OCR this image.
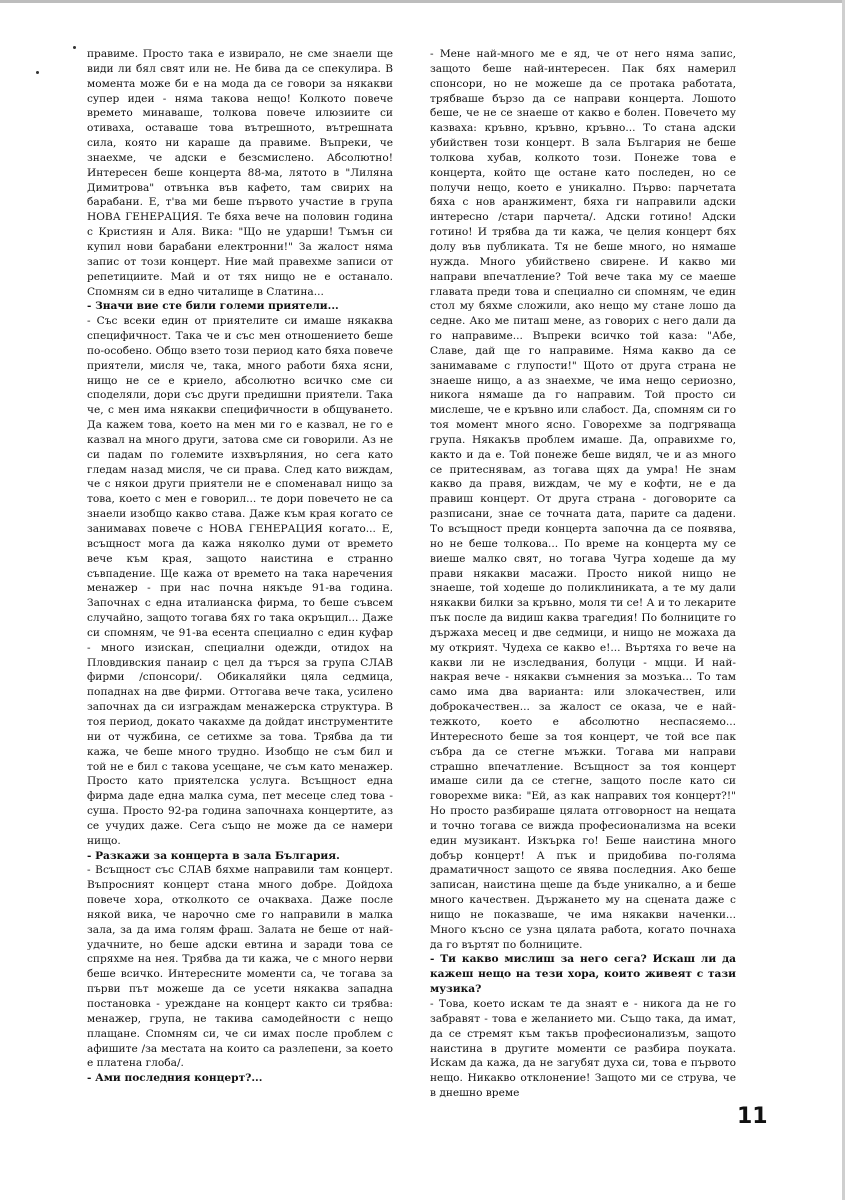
правиме. Просто така е извирало, не сме знаели ще види ли бял свят или не. Не бива да се спекулира. В момента може би е на мода да се говори за някакви супер идеи - няма такова нещо! Колкото повече времето минаваше, толкова повече илюзиите си отиваха, оставаше това вътрешното, вътрешната сила, която ни караше да правиме. Въпреки, че знаехме, че адски е безсмислено. Абсолютно! Интересен беше концерта 88-ма, лятото в "Лиляна Димитрова" отвънка във кафето, там свирих на барабани. Е, т'ва ми беше първото участие в група НОВА ГЕНЕРАЦИЯ. Те бяха вече на половин година с Кристиян и Аля. Вика: "Що не ударши! Тъмън си купил нови барабани електронни!" За жалост няма запис от този концерт. Ние май правехме записи от репетициите. Май и от тях нищо не е останало. Спомням си в едно читалище в Слатина...

- Значи вие сте били големи приятели...

- Със всеки един от приятелите си имаше някаква специфичност. Така че и със мен отношението беше по-особено. Общо взето този период като бяха повече приятели, мисля че, така, много работи бяха ясни, нищо не се е криело, абсолютно всичко сме си споделяли, дори със други предишни приятели. Така че, с мен има някакви специфичности в общуването. Да кажем това, което на мен ми го е казвал, не го е казвал на много други, затова сме си говорили. Аз не си падам по големите изхвърляния, но сега като гледам назад мисля, че си права. След като виждам, че с някои други приятели не е споменавал нищо за това, което с мен е говорил... те дори повечето не са знаели изобщо какво става. Даже към края когато се занимавах повече с НОВА ГЕНЕРАЦИЯ когато... Е, всъщност мога да кажа няколко думи от времето вече към края, защото наистина е странно съвпадение. Ще кажа от времето на така наречения менажер - при нас почна някъде 91-ва година. Започнах с една италианска фирма, то беше съвсем случайно, защото тогава бях го така окръщил... Даже си спомням, че 91-ва есента специално с един куфар - много изискан, специални одежди, отидох на Пловдивския панаир с цел да търся за група СЛАВ фирми /спонсори/. Обикаляйки цяла седмица, попаднах на две фирми. Оттогава вече така, усилено започнах да си изграждам менажерска структура. В тоя период, докато чакахме да дойдат инструментите ни от чужбина, се сетихме за това. Трябва да ти кажа, че беше много трудно. Изобщо не съм бил и той не е бил с такова усещане, че съм като менажер. Просто като приятелска услуга. Всъщност една фирма даде една малка сума, пет месеце след това - суша. Просто 92-ра година започнаха концертите, аз се учудих даже. Сега също не може да се намери нищо.

- Разкажи за концерта в зала България.

- Всъщност със СЛАВ бяхме направили там концерт. Въпросният концерт стана много добре. Дойдоха повече хора, отколкото се очакваха. Даже после някой вика, че нарочно сме го направили в малка зала, за да има голям фраш. Залата не беше от най-удачните, но беше адски евтина и заради това се спряхме на нея. Трябва да ти кажа, че с много нерви беше всичко. Интересните моменти са, че тогава за първи път можеше да се усети някаква западна постановка - уреждане на концерт както си трябва: менажер, група, не такива самодейности с нещо плащане. Спомням си, че си имах после проблем с афишите /за местата на които са разлепени, за което е платена глоба/.

- Ами последния концерт?...

- Мене най-много ме е яд, че от него няма запис, защото беше най-интересен. Пак бях намерил спонсори, но не можеше да се протака работата, трябваше бързо да се направи концерта. Лошото беше, че не се знаеше от какво е болен. Повечето му казваха: кръвно, кръвно, кръвно... То стана адски убийствен този концерт. В зала България не беше толкова хубав, колкото този. Понеже това е концерта, който ще остане като последен, но се получи нещо, което е уникално. Първо: парчетата бяха с нов аранжимент, бяха ги направили адски интересно /стари парчета/. Адски готино! Адски готино! И трябва да ти кажа, че целия концерт бях долу във публиката. Тя не беше много, но нямаше нужда. Много убийствено свирене. И какво ми направи впечатление? Той вече така му се маеше главата преди това и специално си спомням, че един стол му бяхме сложили, ако нещо му стане лошо да седне. Ако ме питаш мене, аз говорих с него дали да го направиме... Въпреки всичко той каза: "Абе, Славе, дай ще го направиме. Няма какво да се занимаваме с глупости!" Щото от друга страна не знаеше нищо, а аз знаехме, че има нещо сериозно, никога нямаше да го направим. Той просто си мислеше, че е кръвно или слабост. Да, спомням си го тоя момент много ясно. Говорехме за подгряваща група. Някакъв проблем имаше. Да, оправихме го, както и да е. Той понеже беше видял, че и аз много се притеснявам, аз тогава щях да умра! Не знам какво да правя, виждам, че му е кофти, не е да правиш концерт. От друга страна - договорите са разписани, знае се точната дата, парите са дадени. То всъщност преди концерта започна да се появява, но не беше толкова... По време на концерта му се виеше малко свят, но тогава Чугра ходеше да му прави някакви масажи. Просто никой нищо не знаеше, той ходеше до поликлиниката, а те му дали някакви билки за кръвно, моля ти се! А и то лекарите пък после да видиш каква трагедия! По болниците го държаха месец и две седмици, и нищо не можаха да му открият. Чудеха се какво е!... Въртяха го вече на какви ли не изследвания, болуци - мцци. И най-накрая вече - някакви съмнения за мозъка... То там само има два варианта: или злокачествен, или доброкачествен... за жалост се оказа, че е най-тежкото, което е абсолютно неспасяемо... Интересното беше за тоя концерт, че той все пак събра да се стегне мъжки. Тогава ми направи страшно впечатление. Всъщност за тоя концерт имаше сили да се стегне, защото после като си говорехме вика: "Ей, аз как направих тоя концерт?!" Но просто разбираше цялата отговорност на нещата и точно тогава се вижда професионализма на всеки един музикант. Изкърка го! Беше наистина много добър концерт! А пък и придобива по-голяма драматичност защото се явява последния. Ако беше записан, наистина щеше да бъде уникално, а и беше много качествен. Държането му на сцената даже с нищо не показваше, че има някакви наченки... Много късно се узна цялата работа, когато почнаха да го въртят по болниците.

- Ти какво мислиш за него сега? Искаш ли да кажеш нещо на тези хора, които живеят с тази музика?

- Това, което искам те да знаят е - никога да не го забравят - това е желанието ми. Също така, да имат, да се стремят към такъв професионализъм, защото наистина в другите моменти се разбира поуката. Искам да кажа, да не загубят духа си, това е първото нещо. Никакво отклонение! Защото ми се струва, че в днешно време

11
